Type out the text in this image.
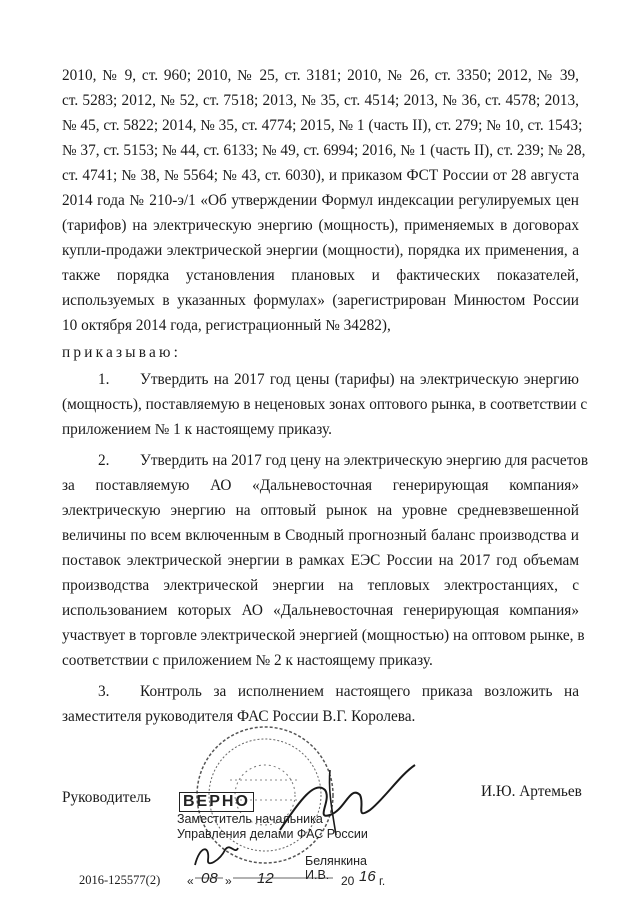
2010, № 9, ст. 960; 2010, № 25, ст. 3181; 2010, № 26, ст. 3350; 2012, № 39,
ст. 5283; 2012, № 52, ст. 7518; 2013, № 35, ст. 4514; 2013, № 36, ст. 4578; 2013,
№ 45, ст. 5822; 2014, № 35, ст. 4774; 2015, № 1 (часть II), ст. 279; № 10, ст. 1543;
№ 37, ст. 5153; № 44, ст. 6133; № 49, ст. 6994; 2016, № 1 (часть II), ст. 239; № 28,
ст. 4741; № 38, № 5564; № 43, ст. 6030), и приказом ФСТ России от 28 августа
2014 года № 210-э/1 «Об утверждении Формул индексации регулируемых цен
(тарифов) на электрическую энергию (мощность), применяемых в договорах
купли-продажи электрической энергии (мощности), порядка их применения, а
также порядка установления плановых и фактических показателей,
используемых в указанных формулах» (зарегистрирован Минюстом России
10 октября 2014 года, регистрационный № 34282),
приказываю:
1. Утвердить на 2017 год цены (тарифы) на электрическую энергию
(мощность), поставляемую в неценовых зонах оптового рынка, в соответствии с
приложением № 1 к настоящему приказу.
2. Утвердить на 2017 год цену на электрическую энергию для расчетов
за поставляемую АО «Дальневосточная генерирующая компания»
электрическую энергию на оптовый рынок на уровне средневзвешенной
величины по всем включенным в Сводный прогнозный баланс производства и
поставок электрической энергии в рамках ЕЭС России на 2017 год объемам
производства электрической энергии на тепловых электростанциях, с
использованием которых АО «Дальневосточная генерирующая компания»
участвует в торговле электрической энергией (мощностью) на оптовом рынке, в
соответствии с приложением № 2 к настоящему приказу.
3. Контроль за исполнением настоящего приказа возложить на
заместителя руководителя ФАС России В.Г. Королева.
Руководитель	И.Ю. Артемьев
ВЕРНО
Заместитель начальника
Управления делами ФАС России
Белянкина И.В.
« 08 » 12	20 16 г.
2016-125577(2)
